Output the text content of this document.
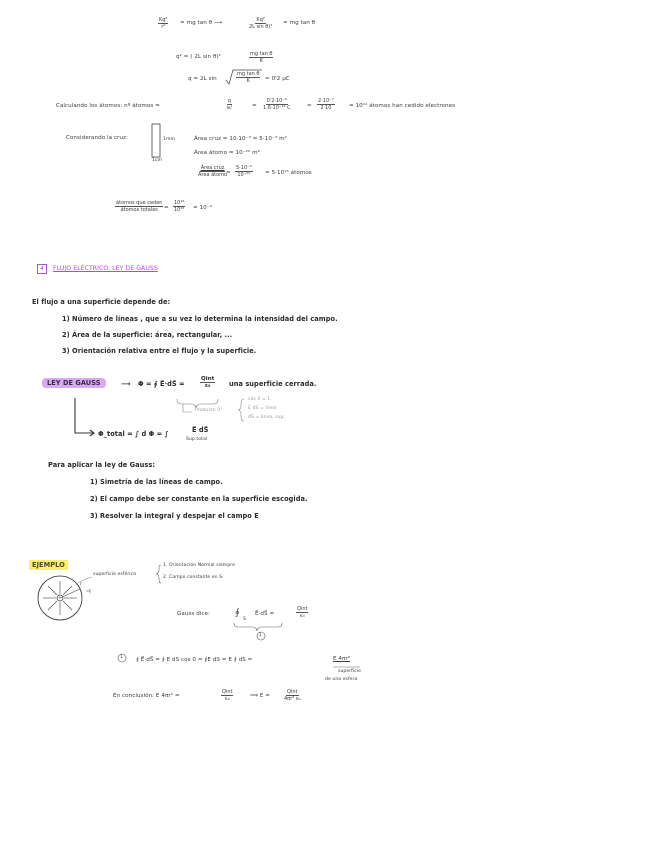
$\frac{\text{Kq²}}{\text{r²}}$ = mg tan θ ⟶	$\frac{\text{Kq²}}{\text{2L sin θ)²}}$ = mg tan θ
q² = ( 2L sin θ)²	$\frac{\text{mg tan θ}}{K}$
q = 2L sin	$\frac{\text{mg tan θ}}{K} \approx 0'2$ μC
Calculando los átomos: nº átomos =	$\frac{q}{e/}$	= $\frac{\text{0'2·10⁻⁶}}{\text{1,6·10⁻¹⁹ C}}$	≈ $\frac{\text{2·10⁻⁷}}{2\cdot 10}$	= 10¹² átomos han cedido electrones
Considerando la cruz:	1mm
1cm
Área cruz = 10·10⁻³ = 5·10⁻⁵ m²
Área átomo = 10⁻²⁰ m²
Área cruz
Área átomo
= $\frac{\text{5·10⁻⁵}}{\text{10⁻²⁰}} = 5\cdot 10^{15}$ átomos
átomos que ceden
átomos totales = $\frac{\text{10¹²}}{\text{10¹⁵}} = 10^{-3}$
4	FLUJO ELÉCTRICO. LEY DE GAUSS
El flujo a una superficie depende de:
1) Número de líneas , que a su vez lo determina la intensidad del campo.
2) Área de la superficie: área, rectangular, ...
3) Orientación relativa entre el flujo y la superficie.
LEY DE GAUSS	⟶ Φ = ∮ E⃗·dS⃗ =
Qint
ε₀	una superficie cerrada.
Producto 0°
cos 0 = 1
E dS = línea
dS = línea, sup.
Φ_total = ∫ d Φ = ∫	E⃗ dS⃗
Sup.total
Para aplicar la ley de Gauss:
1) Simetría de las líneas de campo.
2) El campo debe ser constante en la superficie escogida.
3) Resolver la integral y despejar el campo E
EJEMPLO
superficie esférica
1. Orientación Normal siempre
2. Campo constante en S.
r
+
Gauss dice:	∮
S
E⃗·dS⃗ =
Qint
ε₀
1
1 ∮ E⃗·dS⃗ = ∮ E dS cos 0 = ∮E dS = E ∮ dS =	E 4πr²
superficie
de una esfera
En conclusión: E 4πr² =
Qint
ε₀	⟹ E =
Qint
4πr² ε₀
